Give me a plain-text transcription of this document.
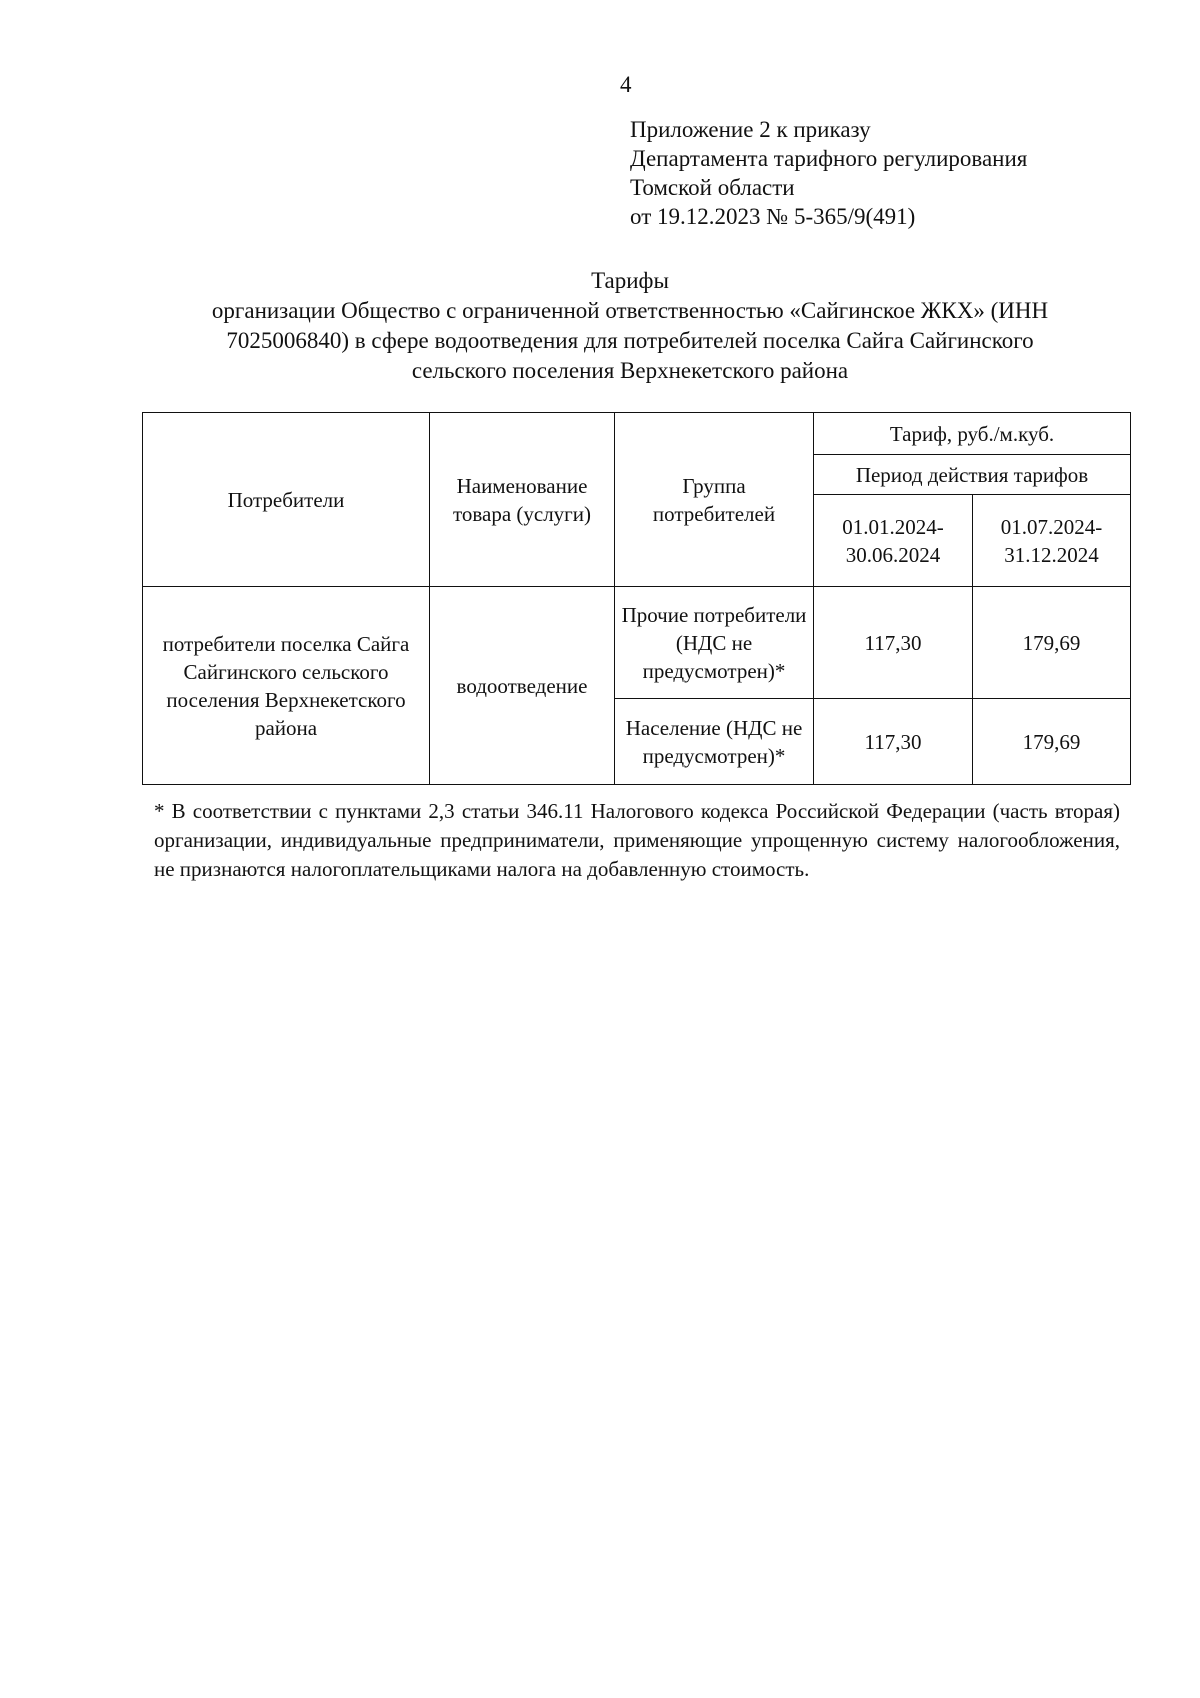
4
Приложение 2 к приказу
Департамента тарифного регулирования
Томской области
от 19.12.2023 № 5-365/9(491)
Тарифы
организации Общество с ограниченной ответственностью «Сайгинское ЖКХ» (ИНН
7025006840) в сфере водоотведения для потребителей поселка Сайга Сайгинского
сельского поселения Верхнекетского района
Потребители	Наименование товара (услуги)	Группа потребителей	Тариф, руб./м.куб.	
			Период действия тарифов	
			01.01.2024-30.06.2024	01.07.2024-31.12.2024
потребители поселка Сайга Сайгинского сельского поселения Верхнекетского района	водоотведение	Прочие потребители (НДС не предусмотрен)*	117,30	179,69
		Население (НДС не предусмотрен)*	117,30	179,69
* В соответствии с пунктами 2,3 статьи 346.11 Налогового кодекса Российской Федерации (часть вторая) организации, индивидуальные предприниматели, применяющие упрощенную систему налогообложения, не признаются налогоплательщиками налога на добавленную стоимость.
